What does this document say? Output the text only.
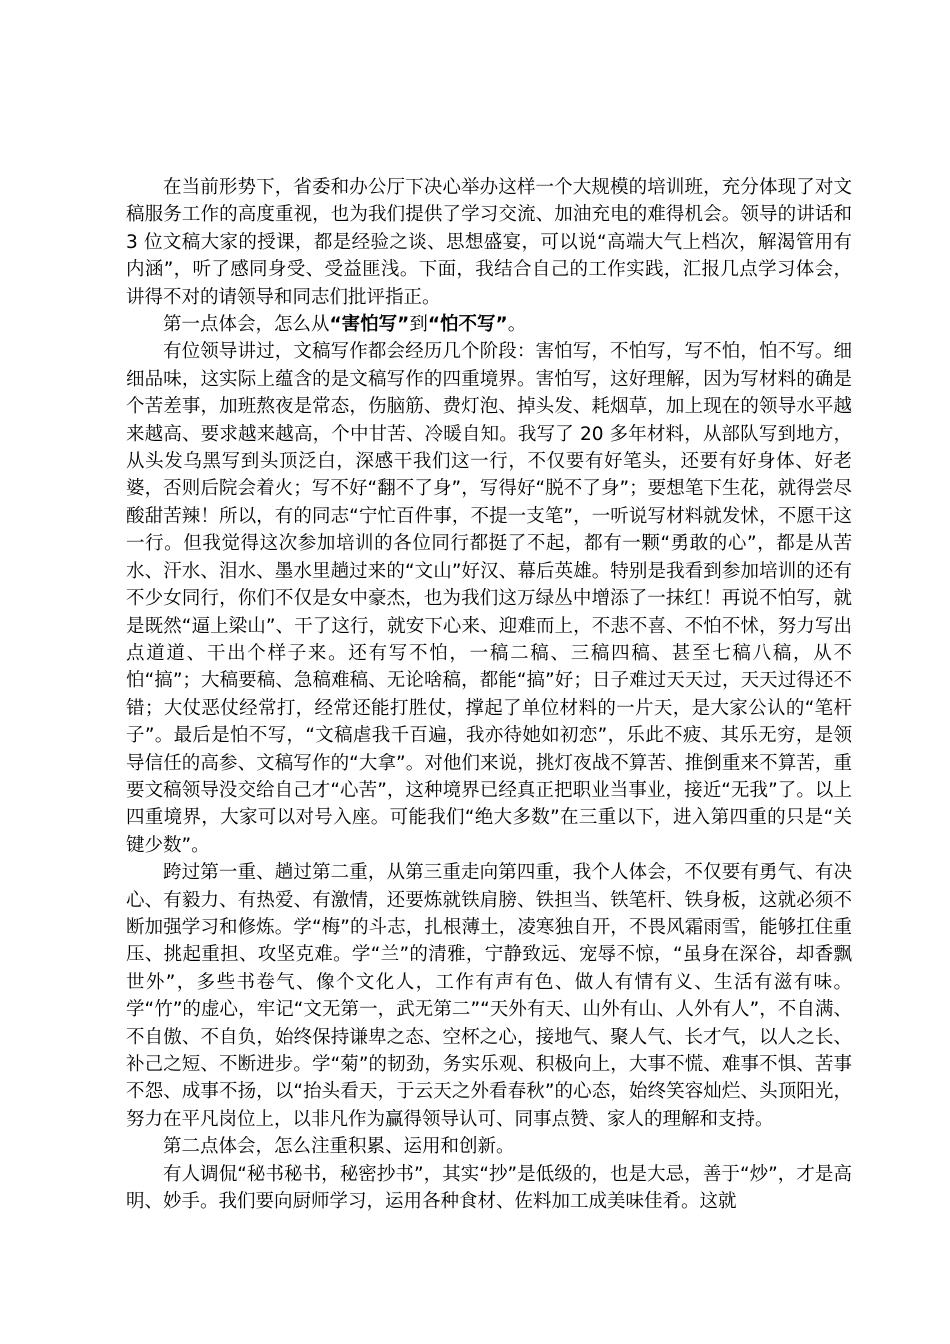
在当前形势下，省委和办公厅下决心举办这样一个大规模的培训班，充分体现了对文稿服务工作的高度重视，也为我们提供了学习交流、加油充电的难得机会。领导的讲话和 3 位文稿大家的授课，都是经验之谈、思想盛宴，可以说“高端大气上档次，解渴管用有内涵”，听了感同身受、受益匪浅。下面，我结合自己的工作实践，汇报几点学习体会，讲得不对的请领导和同志们批评指正。

第一点体会，怎么从“害怕写”到“怕不写”。

有位领导讲过，文稿写作都会经历几个阶段：害怕写，不怕写，写不怕，怕不写。细细品味，这实际上蕴含的是文稿写作的四重境界。害怕写，这好理解，因为写材料的确是个苦差事，加班熬夜是常态，伤脑筋、费灯泡、掉头发、耗烟草，加上现在的领导水平越来越高、要求越来越高，个中甘苦、冷暖自知。我写了 20 多年材料，从部队写到地方，从头发乌黑写到头顶泛白，深感干我们这一行，不仅要有好笔头，还要有好身体、好老婆，否则后院会着火；写不好“翻不了身”，写得好“脱不了身”；要想笔下生花，就得尝尽酸甜苦辣！所以，有的同志“宁忙百件事，不提一支笔”，一听说写材料就发怵，不愿干这一行。但我觉得这次参加培训的各位同行都挺了不起，都有一颗“勇敢的心”，都是从苦水、汗水、泪水、墨水里趟过来的“文山”好汉、幕后英雄。特别是我看到参加培训的还有不少女同行，你们不仅是女中豪杰，也为我们这万绿丛中增添了一抹红！再说不怕写，就是既然“逼上梁山”、干了这行，就安下心来、迎难而上，不悲不喜、不怕不怵，努力写出点道道、干出个样子来。还有写不怕，一稿二稿、三稿四稿、甚至七稿八稿，从不怕“搞”；大稿要稿、急稿难稿、无论啥稿，都能“搞”好；日子难过天天过，天天过得还不错；大仗恶仗经常打，经常还能打胜仗，撑起了单位材料的一片天，是大家公认的“笔杆子”。最后是怕不写，“文稿虐我千百遍，我亦待她如初恋”，乐此不疲、其乐无穷，是领导信任的高参、文稿写作的“大拿”。对他们来说，挑灯夜战不算苦、推倒重来不算苦，重要文稿领导没交给自己才“心苦”，这种境界已经真正把职业当事业，接近“无我”了。以上四重境界，大家可以对号入座。可能我们“绝大多数”在三重以下，进入第四重的只是“关键少数”。

跨过第一重、趟过第二重，从第三重走向第四重，我个人体会，不仅要有勇气、有决心、有毅力、有热爱、有激情，还要炼就铁肩膀、铁担当、铁笔杆、铁身板，这就必须不断加强学习和修炼。学“梅”的斗志，扎根薄土，凌寒独自开，不畏风霜雨雪，能够扛住重压、挑起重担、攻坚克难。学“兰”的清雅，宁静致远、宠辱不惊，“虽身在深谷，却香飘世外”，多些书卷气、像个文化人，工作有声有色、做人有情有义、生活有滋有味。学“竹”的虚心，牢记“文无第一，武无第二”“天外有天、山外有山、人外有人”，不自满、不自傲、不自负，始终保持谦卑之态、空杯之心，接地气、聚人气、长才气，以人之长、补己之短、不断进步。学“菊”的韧劲，务实乐观、积极向上，大事不慌、难事不惧、苦事不怨、成事不扬，以“抬头看天，于云天之外看春秋”的心态，始终笑容灿烂、头顶阳光，努力在平凡岗位上，以非凡作为赢得领导认可、同事点赞、家人的理解和支持。

第二点体会，怎么注重积累、运用和创新。

有人调侃“秘书秘书，秘密抄书”，其实“抄”是低级的，也是大忌，善于“炒”，才是高明、妙手。我们要向厨师学习，运用各种食材、佐料加工成美味佳肴。这就
